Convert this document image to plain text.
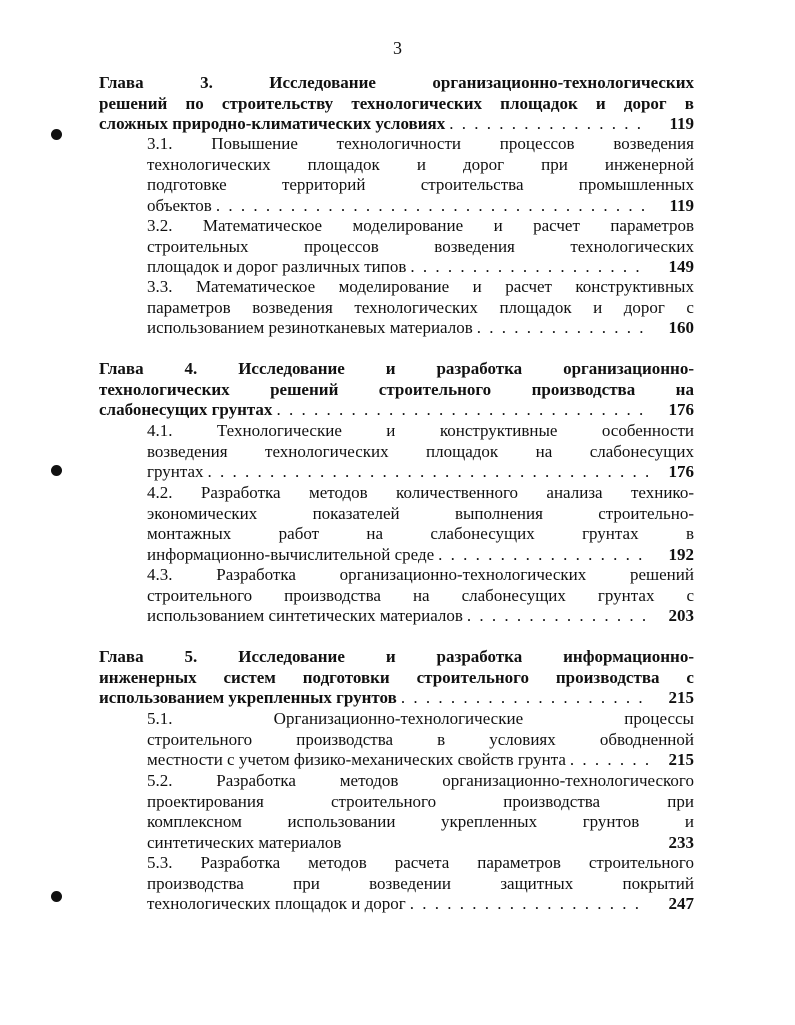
3
Глава	3.	Исследование	организационно-технологических
решений по строительству технологических площадок и дорог в
сложных природно-климатических условиях . . .	119
3.1. Повышение технологичности процессов возведения
технологических площадок и дорог при инженерной
подготовке	территорий	строительства	промышленных
объектов . . .	119
3.2. Математическое моделирование и расчет параметров
строительных	процессов	возведения	технологических
площадок и дорог различных типов . . .	149
3.3. Математическое моделирование и расчет конструктивных
параметров возведения технологических площадок и дорог с
использованием резинотканевых материалов . . .	160
Глава 4. Исследование и разработка организационно-
технологических решений строительного производства на
слабонесущих грунтах . . .	176
4.1.	Технологические	и	конструктивные	особенности
возведения технологических площадок на слабонесущих
грунтах . . .	176
4.2. Разработка методов количественного анализа технико-
экономических	показателей	выполнения	строительно-
монтажных	работ	на	слабонесущих	грунтах	в
информационно-вычислительной среде . . .	192
4.3.	Разработка	организационно-технологических	решений
строительного производства на слабонесущих грунтах с
использованием синтетических материалов . . .	203
Глава 5. Исследование и разработка информационно-
инженерных систем подготовки строительного производства с
использованием укрепленных грунтов . . .	215
5.1.	Организационно-технологические	процессы
строительного	производства	в	условиях	обводненной
местности с учетом физико-механических свойств грунта . . .	215
5.2.	Разработка	методов	организационно-технологического
проектирования	строительного	производства	при
комплексном	использовании	укрепленных	грунтов	и
синтетических материалов	233
5.3. Разработка методов расчета параметров строительного
производства	при	возведении	защитных	покрытий
технологических площадок и дорог . . .	247
